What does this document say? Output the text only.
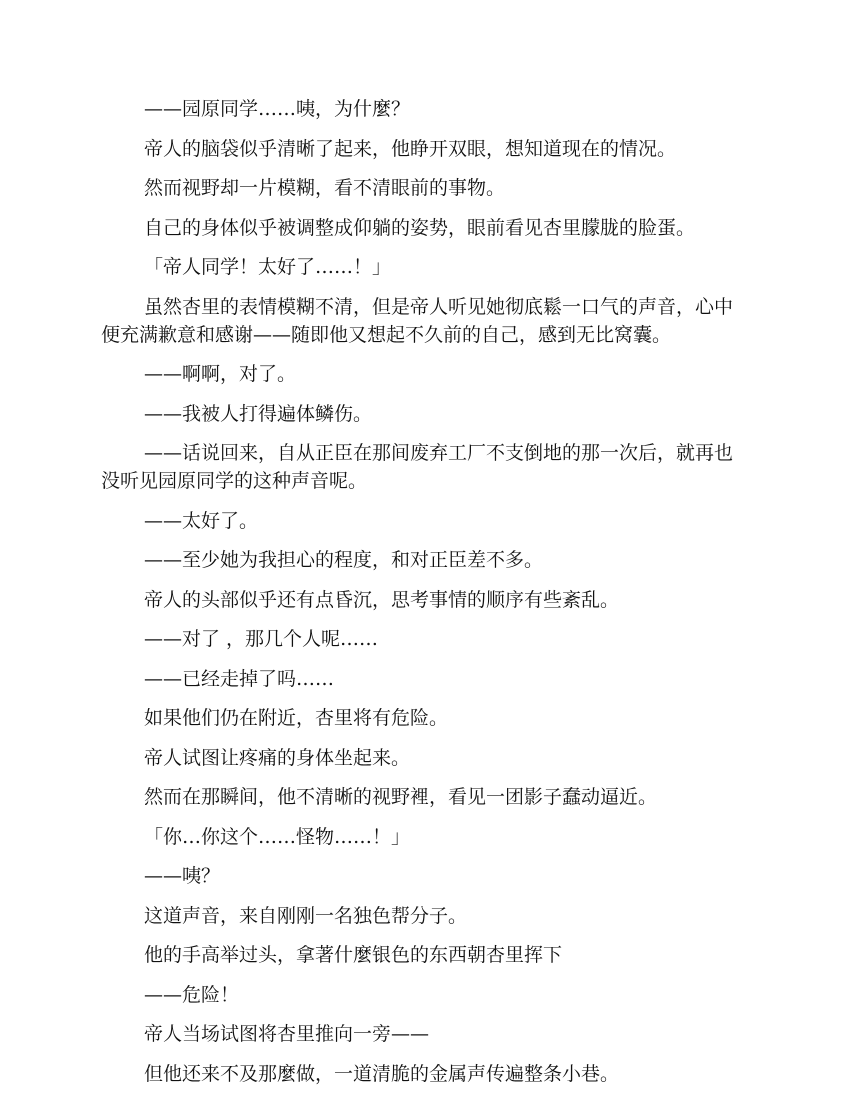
——园原同学……咦，为什麼？

帝人的脑袋似乎清晰了起来，他睁开双眼，想知道现在的情况。

然而视野却一片模糊，看不清眼前的事物。

自己的身体似乎被调整成仰躺的姿势，眼前看见杏里朦胧的脸蛋。

「帝人同学！太好了……！」

虽然杏里的表情模糊不清，但是帝人听见她彻底鬆一口气的声音，心中便充满歉意和感谢——随即他又想起不久前的自己，感到无比窝囊。

——啊啊，对了。

——我被人打得遍体鳞伤。

——话说回来，自从正臣在那间废弃工厂不支倒地的那一次后，就再也没听见园原同学的这种声音呢。

——太好了。

——至少她为我担心的程度，和对正臣差不多。

帝人的头部似乎还有点昏沉，思考事情的顺序有些紊乱。

——对了 ，那几个人呢……

——已经走掉了吗……

如果他们仍在附近，杏里将有危险。

帝人试图让疼痛的身体坐起来。

然而在那瞬间，他不清晰的视野裡，看见一团影子蠢动逼近。

「你…你这个……怪物……！」

——咦？

这道声音，来自刚刚一名独色帮分子。

他的手高举过头，拿著什麼银色的东西朝杏里挥下

——危险！

帝人当场试图将杏里推向一旁——

但他还来不及那麼做，一道清脆的金属声传遍整条小巷。
